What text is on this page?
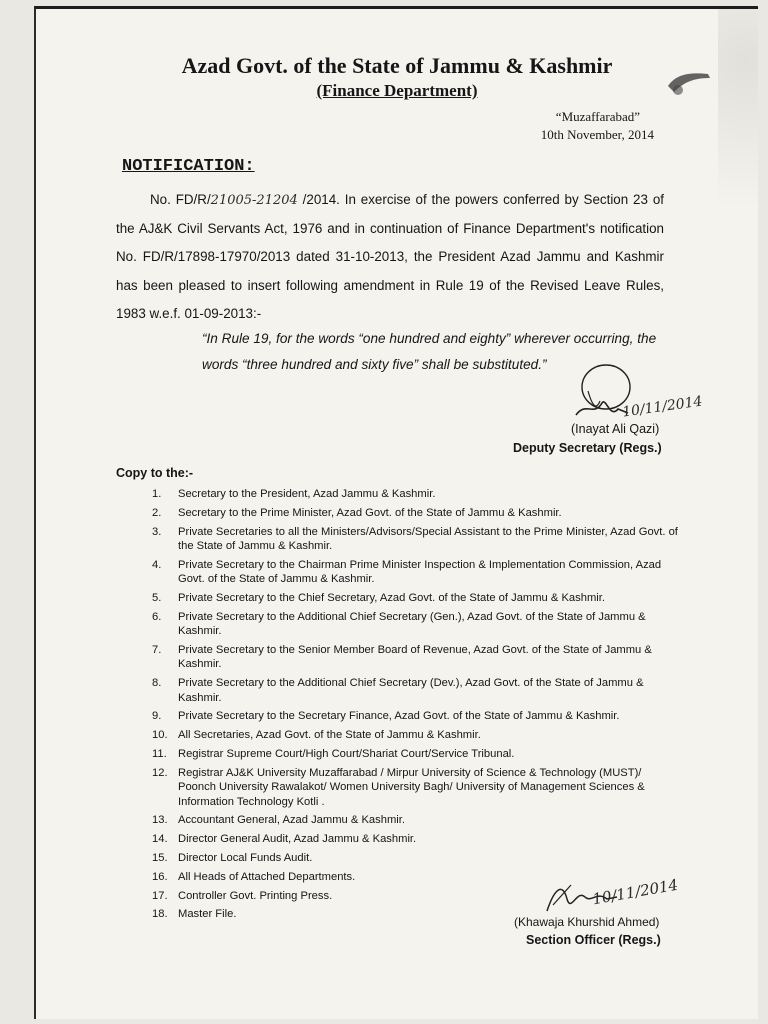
Azad Govt. of the State of Jammu & Kashmir
(Finance Department)
“Muzaffarabad”
10th November, 2014
NOTIFICATION:
No. FD/R/21005-21204 /2014. In exercise of the powers conferred by Section 23 of the AJ&K Civil Servants Act, 1976 and in continuation of Finance Department's notification No. FD/R/17898-17970/2013 dated 31-10-2013, the President Azad Jammu and Kashmir has been pleased to insert following amendment in Rule 19 of the Revised Leave Rules, 1983 w.e.f. 01-09-2013:-
“In Rule 19, for the words “one hundred and eighty” wherever occurring, the words “three hundred and sixty five” shall be substituted.”
10/11/2014
(Inayat Ali Qazi)
Deputy Secretary (Regs.)
Copy to the:-
1.	Secretary to the President, Azad Jammu & Kashmir.
2.	Secretary to the Prime Minister, Azad Govt. of the State of Jammu & Kashmir.
3.	Private Secretaries to all the Ministers/Advisors/Special Assistant to the Prime Minister, Azad Govt. of the State of Jammu & Kashmir.
4.	Private Secretary to the Chairman Prime Minister Inspection & Implementation Commission, Azad Govt. of the State of Jammu & Kashmir.
5.	Private Secretary to the Chief Secretary, Azad Govt. of the State of Jammu & Kashmir.
6.	Private Secretary to the Additional Chief Secretary (Gen.), Azad Govt. of the State of Jammu & Kashmir.
7.	Private Secretary to the Senior Member Board of Revenue, Azad Govt. of the State of Jammu & Kashmir.
8.	Private Secretary to the Additional Chief Secretary (Dev.), Azad Govt. of the State of Jammu & Kashmir.
9.	Private Secretary to the Secretary Finance, Azad Govt. of the State of Jammu & Kashmir.
10. All Secretaries, Azad Govt. of the State of Jammu & Kashmir.
11.	Registrar Supreme Court/High Court/Shariat Court/Service Tribunal.
12. Registrar AJ&K University Muzaffarabad / Mirpur University of Science & Technology (MUST)/ Poonch University Rawalakot/ Women University Bagh/ University of Management Sciences & Information Technology Kotli .
13. Accountant General, Azad Jammu & Kashmir.
14. Director General Audit, Azad Jammu & Kashmir.
15. Director Local Funds Audit.
16. All Heads of Attached Departments.
17. Controller Govt. Printing Press.
18. Master File.
10/11/2014
(Khawaja Khurshid Ahmed)
Section Officer (Regs.)
